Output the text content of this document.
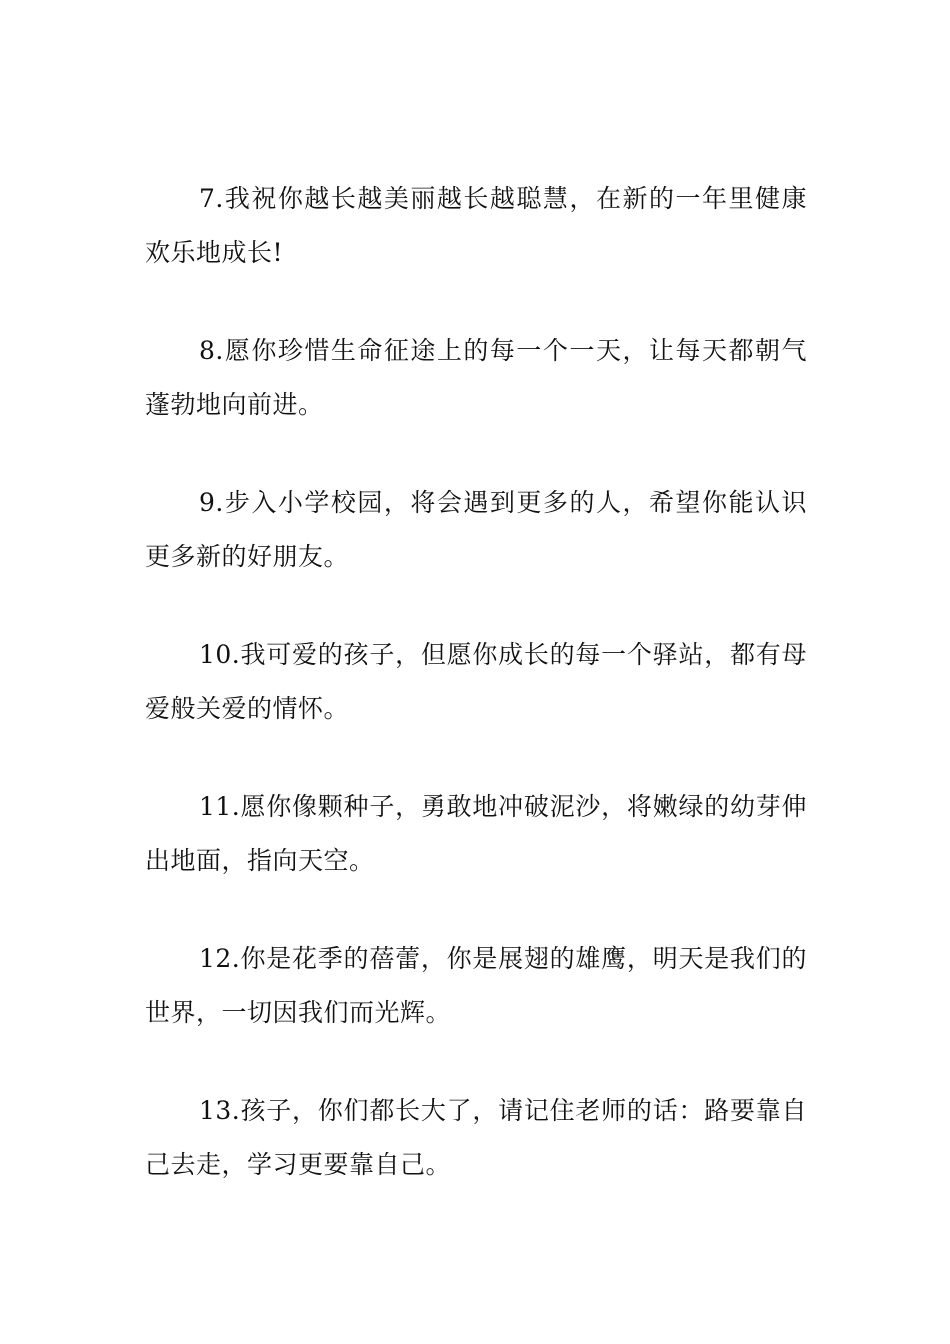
7.我祝你越长越美丽越长越聪慧，在新的一年里健康欢乐地成长!

8.愿你珍惜生命征途上的每一个一天，让每天都朝气蓬勃地向前进。

9.步入小学校园，将会遇到更多的人，希望你能认识更多新的好朋友。

10.我可爱的孩子，但愿你成长的每一个驿站，都有母爱般关爱的情怀。

11.愿你像颗种子，勇敢地冲破泥沙，将嫩绿的幼芽伸出地面，指向天空。

12.你是花季的蓓蕾，你是展翅的雄鹰，明天是我们的世界，一切因我们而光辉。

13.孩子，你们都长大了，请记住老师的话：路要靠自己去走，学习更要靠自己。
